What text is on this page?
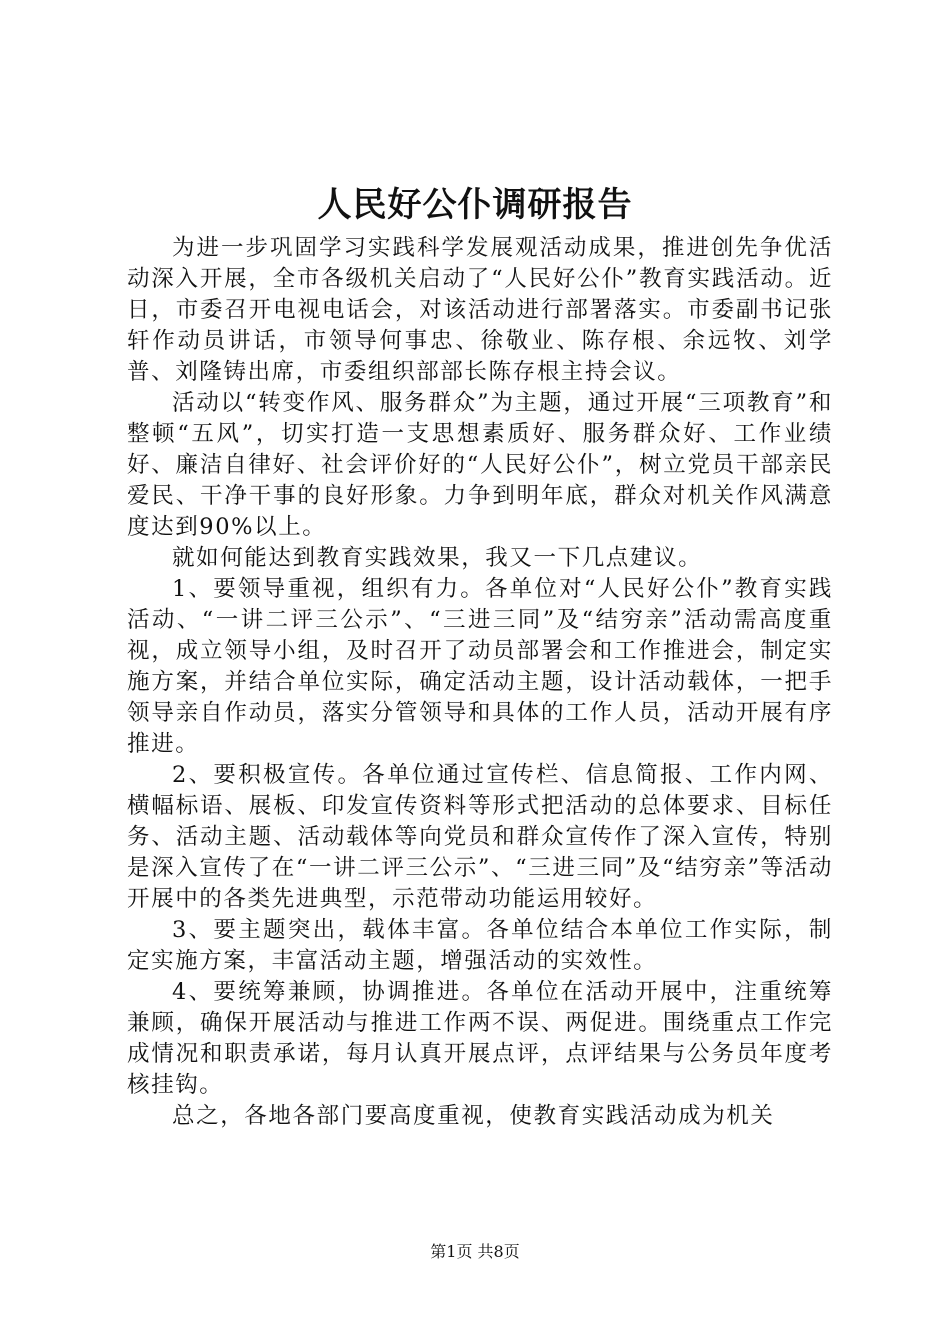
人民好公仆调研报告

为进一步巩固学习实践科学发展观活动成果，推进创先争优活动深入开展，全市各级机关启动了“人民好公仆”教育实践活动。近日，市委召开电视电话会，对该活动进行部署落实。市委副书记张轩作动员讲话，市领导何事忠、徐敬业、陈存根、余远牧、刘学普、刘隆铸出席，市委组织部部长陈存根主持会议。

活动以“转变作风、服务群众”为主题，通过开展“三项教育”和整顿“五风”，切实打造一支思想素质好、服务群众好、工作业绩好、廉洁自律好、社会评价好的“人民好公仆”，树立党员干部亲民爱民、干净干事的良好形象。力争到明年底，群众对机关作风满意度达到90%以上。

就如何能达到教育实践效果，我又一下几点建议。

1、要领导重视，组织有力。各单位对“人民好公仆”教育实践活动、“一讲二评三公示”、“三进三同”及“结穷亲”活动需高度重视，成立领导小组，及时召开了动员部署会和工作推进会，制定实施方案，并结合单位实际，确定活动主题，设计活动载体，一把手领导亲自作动员，落实分管领导和具体的工作人员，活动开展有序推进。

2、要积极宣传。各单位通过宣传栏、信息简报、工作内网、横幅标语、展板、印发宣传资料等形式把活动的总体要求、目标任务、活动主题、活动载体等向党员和群众宣传作了深入宣传，特别是深入宣传了在“一讲二评三公示”、“三进三同”及“结穷亲”等活动开展中的各类先进典型，示范带动功能运用较好。

3、要主题突出，载体丰富。各单位结合本单位工作实际，制定实施方案，丰富活动主题，增强活动的实效性。

4、要统筹兼顾，协调推进。各单位在活动开展中，注重统筹兼顾，确保开展活动与推进工作两不误、两促进。围绕重点工作完成情况和职责承诺，每月认真开展点评，点评结果与公务员年度考核挂钩。

总之，各地各部门要高度重视，使教育实践活动成为机关

第1页 共8页
